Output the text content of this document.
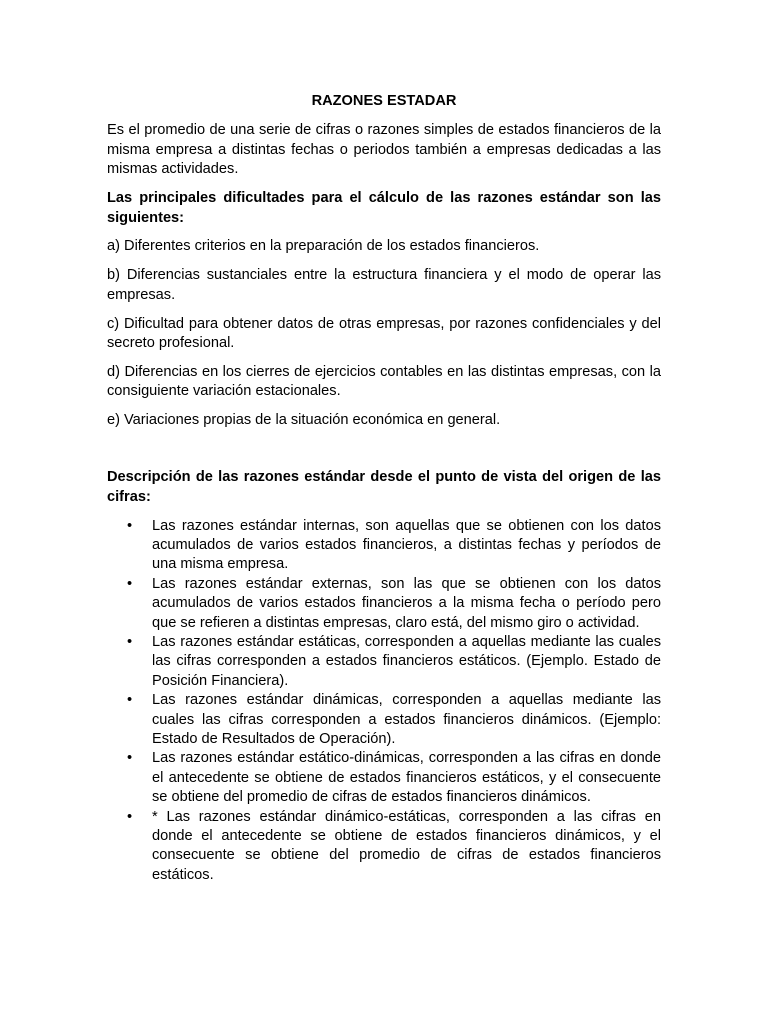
RAZONES ESTADAR

Es el promedio de una serie de cifras o razones simples de estados financieros de la misma empresa a distintas fechas o periodos también a empresas dedicadas a las mismas actividades.

Las principales dificultades para el cálculo de las razones estándar son las siguientes:

a) Diferentes criterios en la preparación de los estados financieros.

b) Diferencias sustanciales entre la estructura financiera y el modo de operar las empresas.

c) Dificultad para obtener datos de otras empresas, por razones confidenciales y del secreto profesional.

d) Diferencias en los cierres de ejercicios contables en las distintas empresas, con la consiguiente variación estacionales.

e) Variaciones propias de la situación económica en general.

Descripción de las razones estándar desde el punto de vista del origen de las cifras:

• Las razones estándar internas, son aquellas que se obtienen con los datos acumulados de varios estados financieros, a distintas fechas y períodos de una misma empresa.
• Las razones estándar externas, son las que se obtienen con los datos acumulados de varios estados financieros a la misma fecha o período pero que se refieren a distintas empresas, claro está, del mismo giro o actividad.
• Las razones estándar estáticas, corresponden a aquellas mediante las cuales las cifras corresponden a estados financieros estáticos. (Ejemplo. Estado de Posición Financiera).
• Las razones estándar dinámicas, corresponden a aquellas mediante las cuales las cifras corresponden a estados financieros dinámicos. (Ejemplo: Estado de Resultados de Operación).
• Las razones estándar estático-dinámicas, corresponden a las cifras en donde el antecedente se obtiene de estados financieros estáticos, y el consecuente se obtiene del promedio de cifras de estados financieros dinámicos.
• * Las razones estándar dinámico-estáticas, corresponden a las cifras en donde el antecedente se obtiene de estados financieros dinámicos, y el consecuente se obtiene del promedio de cifras de estados financieros estáticos.
